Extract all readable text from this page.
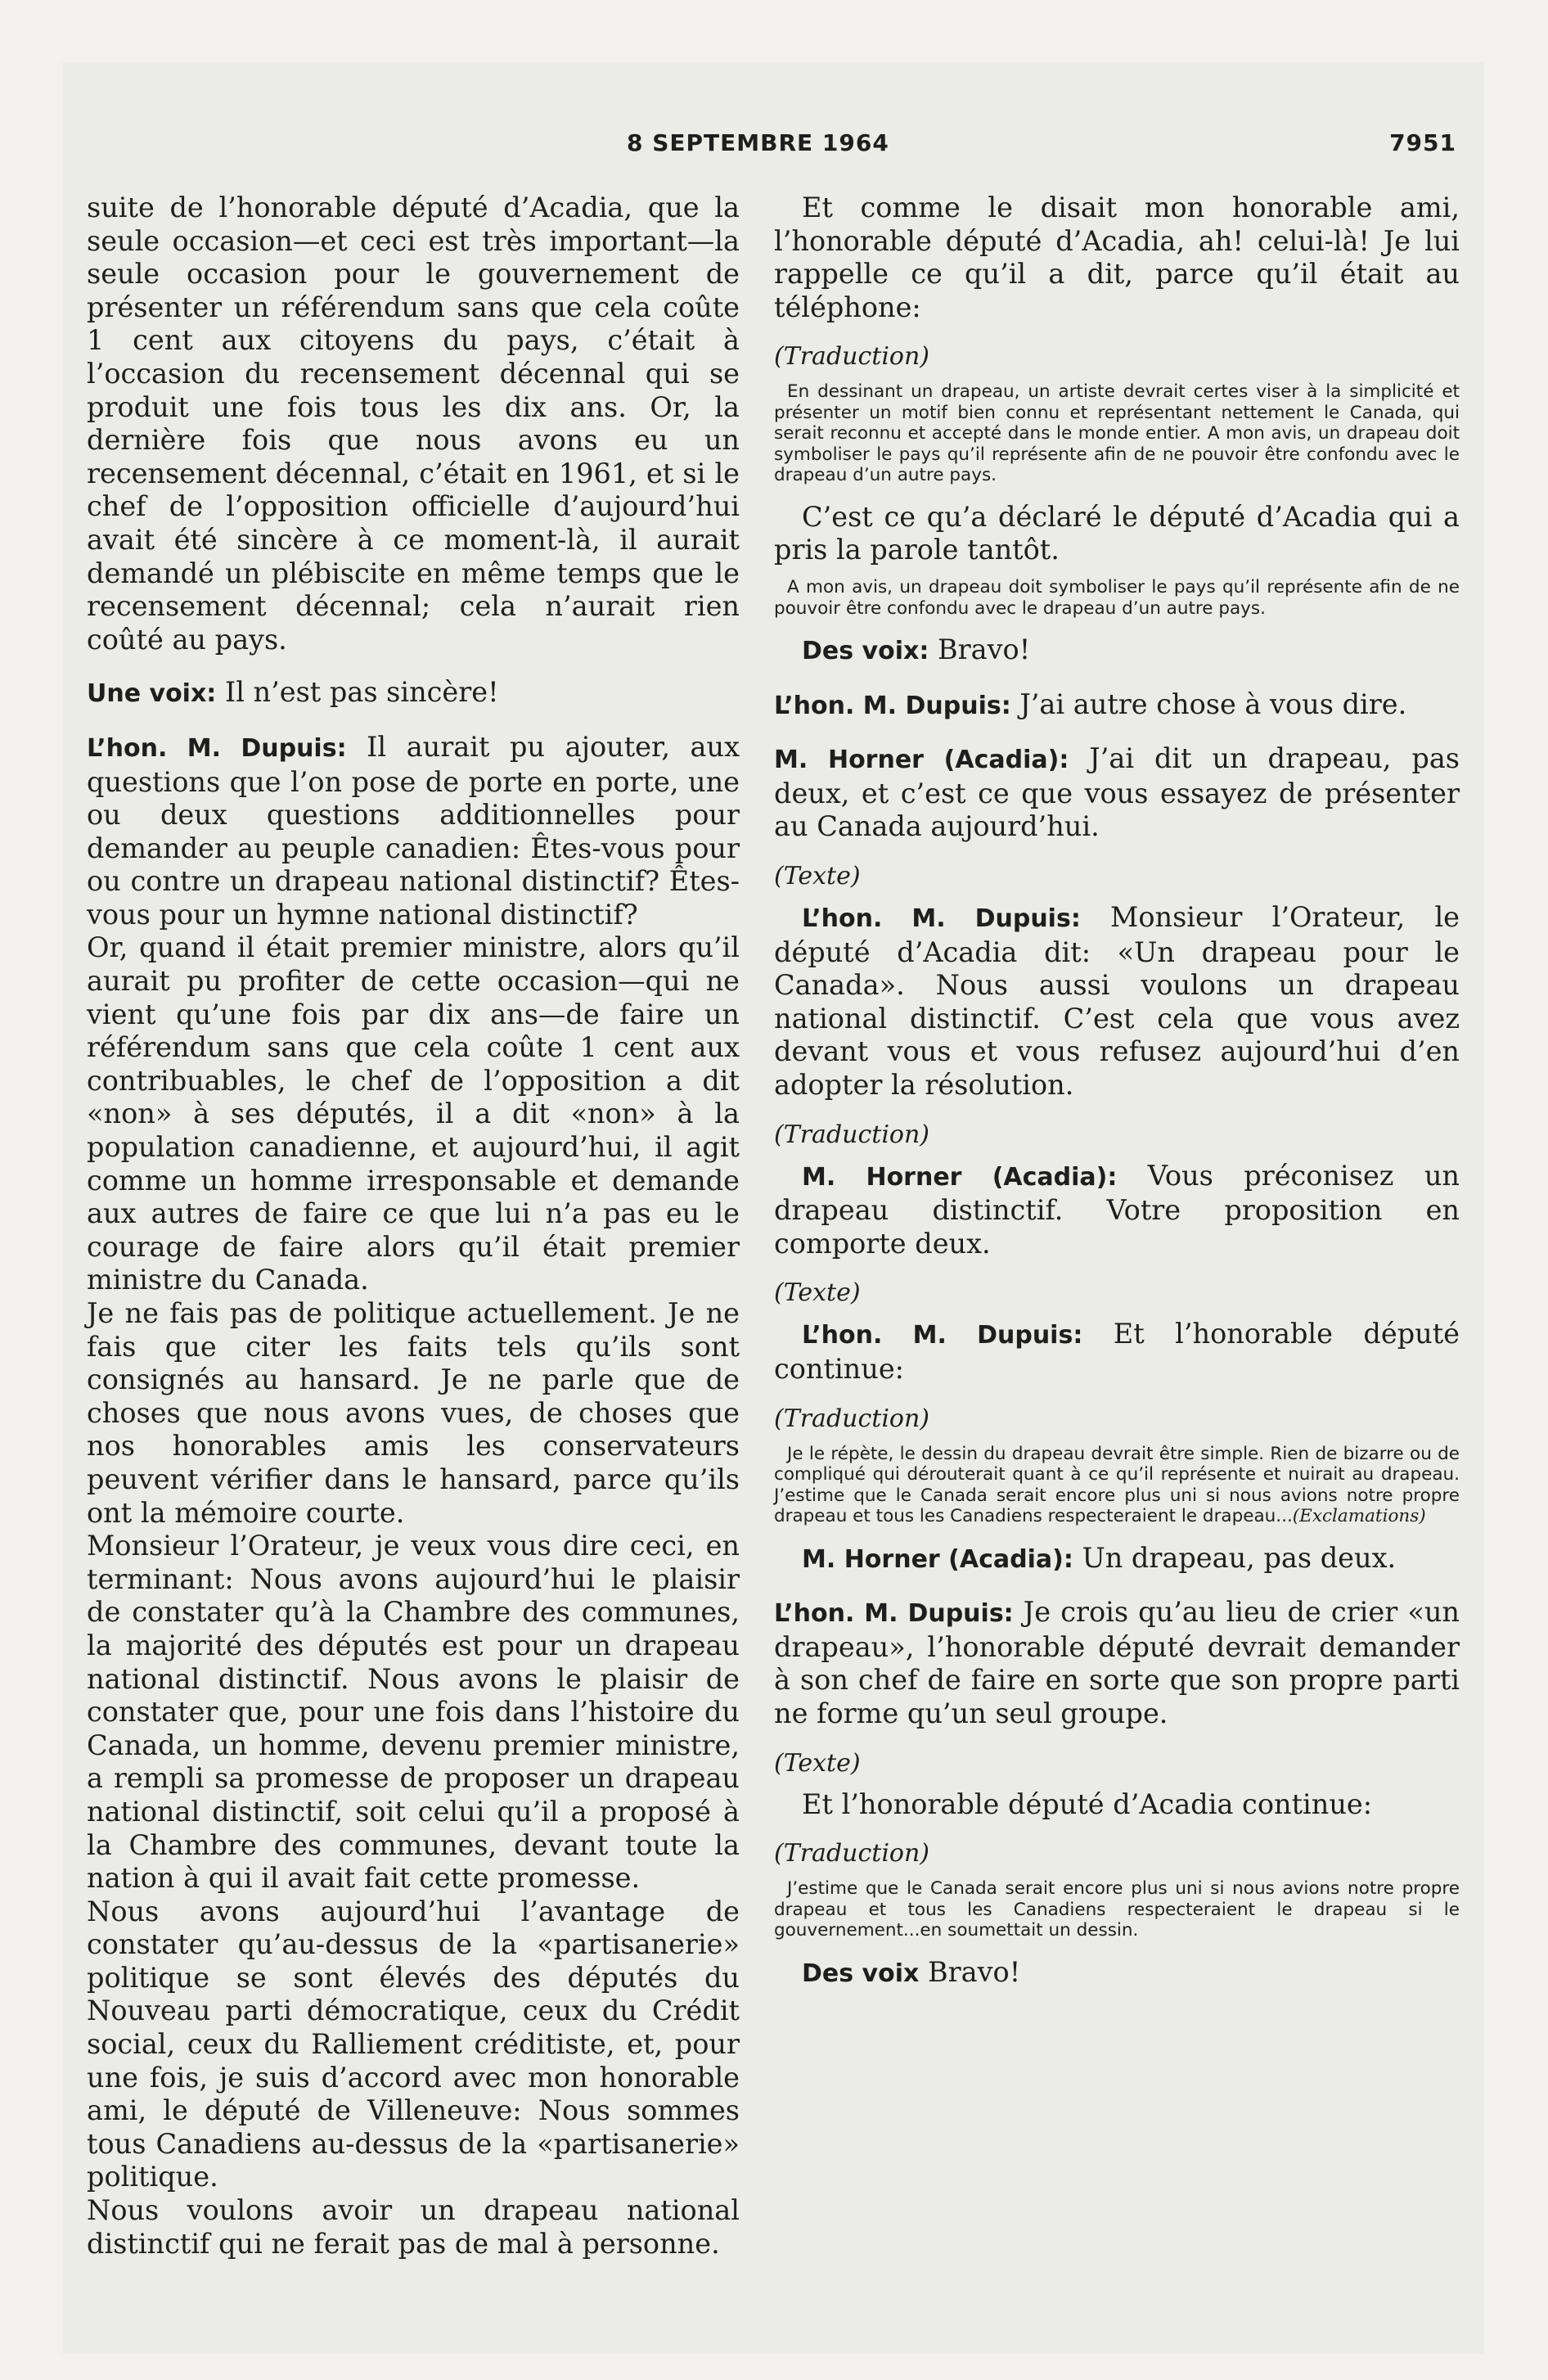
8 SEPTEMBRE 1964	7951

suite de l’honorable député d’Acadia, que la seule occasion—et ceci est très important—la seule occasion pour le gouvernement de présenter un référendum sans que cela coûte 1 cent aux citoyens du pays, c’était à l’occasion du recensement décennal qui se produit une fois tous les dix ans. Or, la dernière fois que nous avons eu un recensement décennal, c’était en 1961, et si le chef de l’opposition officielle d’aujourd’hui avait été sincère à ce moment-là, il aurait demandé un plébiscite en même temps que le recensement décennal; cela n’aurait rien coûté au pays.

Une voix: Il n’est pas sincère!

L’hon. M. Dupuis: Il aurait pu ajouter, aux questions que l’on pose de porte en porte, une ou deux questions additionnelles pour demander au peuple canadien: Êtes-vous pour ou contre un drapeau national distinctif? Êtes-vous pour un hymne national distinctif?

Or, quand il était premier ministre, alors qu’il aurait pu profiter de cette occasion—qui ne vient qu’une fois par dix ans—de faire un référendum sans que cela coûte 1 cent aux contribuables, le chef de l’opposition a dit «non» à ses députés, il a dit «non» à la population canadienne, et aujourd’hui, il agit comme un homme irresponsable et demande aux autres de faire ce que lui n’a pas eu le courage de faire alors qu’il était premier ministre du Canada.

Je ne fais pas de politique actuellement. Je ne fais que citer les faits tels qu’ils sont consignés au hansard. Je ne parle que de choses que nous avons vues, de choses que nos honorables amis les conservateurs peuvent vérifier dans le hansard, parce qu’ils ont la mémoire courte.

Monsieur l’Orateur, je veux vous dire ceci, en terminant: Nous avons aujourd’hui le plaisir de constater qu’à la Chambre des communes, la majorité des députés est pour un drapeau national distinctif. Nous avons le plaisir de constater que, pour une fois dans l’histoire du Canada, un homme, devenu premier ministre, a rempli sa promesse de proposer un drapeau national distinctif, soit celui qu’il a proposé à la Chambre des communes, devant toute la nation à qui il avait fait cette promesse.

Nous avons aujourd’hui l’avantage de constater qu’au-dessus de la «partisanerie» politique se sont élevés des députés du Nouveau parti démocratique, ceux du Crédit social, ceux du Ralliement créditiste, et, pour une fois, je suis d’accord avec mon honorable ami, le député de Villeneuve: Nous sommes tous Canadiens au-dessus de la «partisanerie» politique.

Nous voulons avoir un drapeau national distinctif qui ne ferait pas de mal à personne.

Et comme le disait mon honorable ami, l’honorable député d’Acadia, ah! celui-là! Je lui rappelle ce qu’il a dit, parce qu’il était au téléphone:

(Traduction)

En dessinant un drapeau, un artiste devrait certes viser à la simplicité et présenter un motif bien connu et représentant nettement le Canada, qui serait reconnu et accepté dans le monde entier. A mon avis, un drapeau doit symboliser le pays qu’il représente afin de ne pouvoir être confondu avec le drapeau d’un autre pays.

C’est ce qu’a déclaré le député d’Acadia qui a pris la parole tantôt.

A mon avis, un drapeau doit symboliser le pays qu’il représente afin de ne pouvoir être confondu avec le drapeau d’un autre pays.

Des voix: Bravo!

L’hon. M. Dupuis: J’ai autre chose à vous dire.

M. Horner (Acadia): J’ai dit un drapeau, pas deux, et c’est ce que vous essayez de présenter au Canada aujourd’hui.

(Texte)

L’hon. M. Dupuis: Monsieur l’Orateur, le député d’Acadia dit: «Un drapeau pour le Canada». Nous aussi voulons un drapeau national distinctif. C’est cela que vous avez devant vous et vous refusez aujourd’hui d’en adopter la résolution.

(Traduction)

M. Horner (Acadia): Vous préconisez un drapeau distinctif. Votre proposition en comporte deux.

(Texte)

L’hon. M. Dupuis: Et l’honorable député continue:

(Traduction)

Je le répète, le dessin du drapeau devrait être simple. Rien de bizarre ou de compliqué qui dérouterait quant à ce qu’il représente et nuirait au drapeau. J’estime que le Canada serait encore plus uni si nous avions notre propre drapeau et tous les Canadiens respecteraient le drapeau...(Exclamations)

M. Horner (Acadia): Un drapeau, pas deux.

L’hon. M. Dupuis: Je crois qu’au lieu de crier «un drapeau», l’honorable député devrait demander à son chef de faire en sorte que son propre parti ne forme qu’un seul groupe.

(Texte)

Et l’honorable député d’Acadia continue:

(Traduction)

J’estime que le Canada serait encore plus uni si nous avions notre propre drapeau et tous les Canadiens respecteraient le drapeau si le gouvernement...en soumettait un dessin.

Des voix Bravo!
